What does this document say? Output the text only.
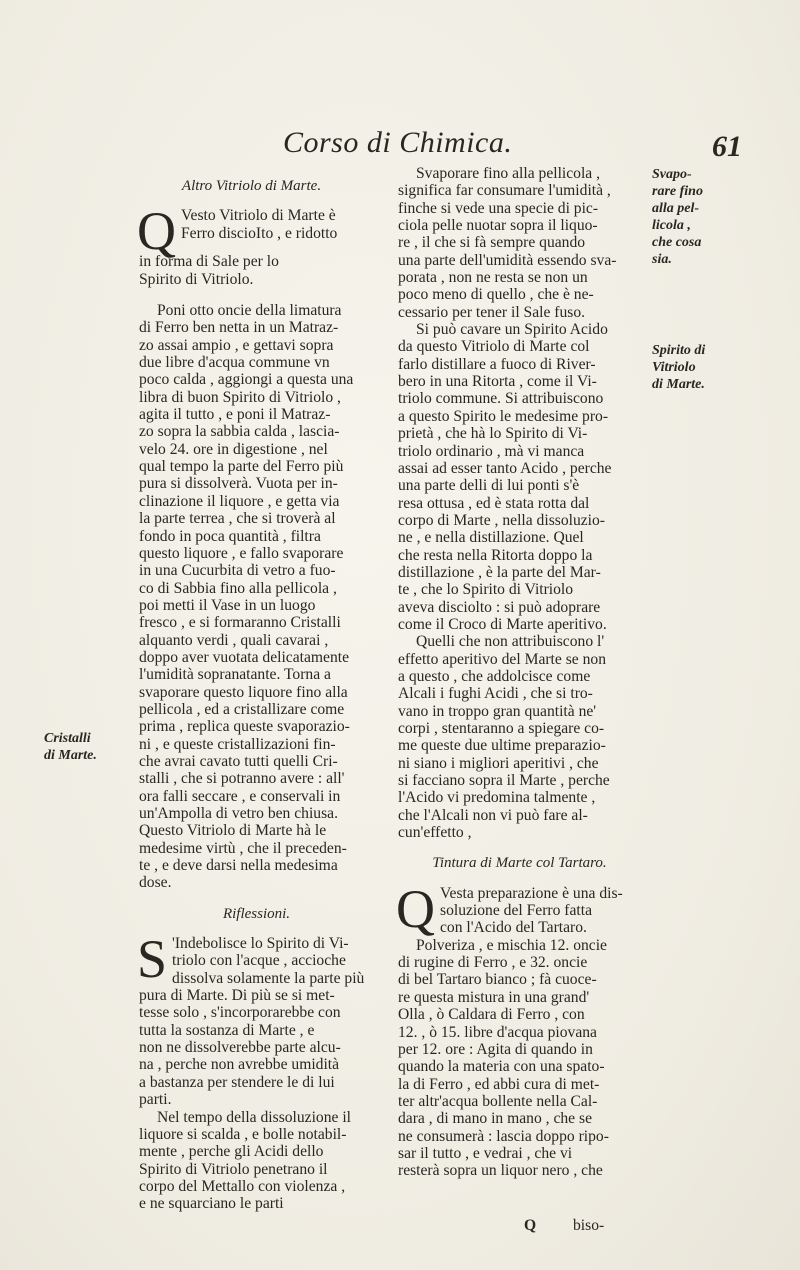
Corso di Chimica.	61
Altro Vitriolo di Marte.
Q Vesto Vitriolo di Marte è
Ferro discioIto , e ridotto
in forma di Sale per lo
Spirito di Vitriolo.
Poni otto oncie della limatura
di Ferro ben netta in un Matraz-
zo assai ampio , e gettavi sopra
due libre d'acqua commune vn
poco calda , aggiongi a questa una
libra di buon Spirito di Vitriolo ,
agita il tutto , e poni il Matraz-
zo sopra la sabbia calda , lascia-
velo 24. ore in digestione , nel
qual tempo la parte del Ferro più
pura si dissolverà. Vuota per in-
clinazione il liquore , e getta via
la parte terrea , che si troverà al
fondo in poca quantità , filtra
questo liquore , e fallo svaporare
in una Cucurbita di vetro a fuo-
co di Sabbia fino alla pellicola ,
poi metti il Vase in un luogo
fresco , e si formaranno Cristalli
alquanto verdi , quali cavarai ,
doppo aver vuotata delicatamente
l'umidità sopranatante. Torna a
svaporare questo liquore fino alla
pellicola , ed a cristallizare come
prima , replica queste svaporazio-
ni , e queste cristallizazioni fin-
che avrai cavato tutti quelli Cri-
stalli , che si potranno avere : all'
ora falli seccare , e conservali in
un'Ampolla di vetro ben chiusa.
Questo Vitriolo di Marte hà le
medesime virtù , che il preceden-
te , e deve darsi nella medesima
dose.
Riflessioni.
S 'Indebolisce lo Spirito di Vi-
triolo con l'acque , accioche
dissolva solamente la parte più
pura di Marte. Di più se si met-
tesse solo , s'incorporarebbe con
tutta la sostanza di Marte , e
non ne dissolverebbe parte alcu-
na , perche non avrebbe umidità
a bastanza per stendere le di lui
parti.
Nel tempo della dissoluzione il
liquore si scalda , e bolle notabil-
mente , perche gli Acidi dello
Spirito di Vitriolo penetrano il
corpo del Mettallo con violenza ,
e ne squarciano le parti
Svaporare fino alla pellicola ,
significa far consumare l'umidità ,
finche si vede una specie di pic-
ciola pelle nuotar sopra il liquo-
re , il che si fà sempre quando
una parte dell'umidità essendo sva-
porata , non ne resta se non un
poco meno di quello , che è ne-
cessario per tener il Sale fuso.
Si può cavare un Spirito Acido
da questo Vitriolo di Marte col
farlo distillare a fuoco di River-
bero in una Ritorta , come il Vi-
triolo commune. Si attribuiscono
a questo Spirito le medesime pro-
prietà , che hà lo Spirito di Vi-
triolo ordinario , mà vi manca
assai ad esser tanto Acido , perche
una parte delli di lui ponti s'è
resa ottusa , ed è stata rotta dal
corpo di Marte , nella dissoluzio-
ne , e nella distillazione. Quel
che resta nella Ritorta doppo la
distillazione , è la parte del Mar-
te , che lo Spirito di Vitriolo
aveva disciolto : si può adoprare
come il Croco di Marte aperitivo.
Quelli che non attribuiscono l'
effetto aperitivo del Marte se non
a questo , che addolcisce come
Alcali i fughi Acidi , che si tro-
vano in troppo gran quantità ne'
corpi , stentaranno a spiegare co-
me queste due ultime preparazio-
ni siano i migliori aperitivi , che
si facciano sopra il Marte , perche
l'Acido vi predomina talmente ,
che l'Alcali non vi può fare al-
cun'effetto ,
Tintura di Marte col Tartaro.
Q Vesta preparazione è una dis-
soluzione del Ferro fatta
con l'Acido del Tartaro.
Polveriza , e mischia 12. oncie
di rugine di Ferro , e 32. oncie
di bel Tartaro bianco ; fà cuoce-
re questa mistura in una grand'
Olla , ò Caldara di Ferro , con
12. , ò 15. libre d'acqua piovana
per 12. ore : Agita di quando in
quando la materia con una spato-
la di Ferro , ed abbi cura di met-
ter altr'acqua bollente nella Cal-
dara , di mano in mano , che se
ne consumerà : lascia doppo ripo-
sar il tutto , e vedrai , che vi
resterà sopra un liquor nero , che
Cristalli
di Marte.
Svapo-
rare fino
alla pel-
licola ,
che cosa
sia.
Spirito di
Vitriolo
di Marte.
Q biso-
